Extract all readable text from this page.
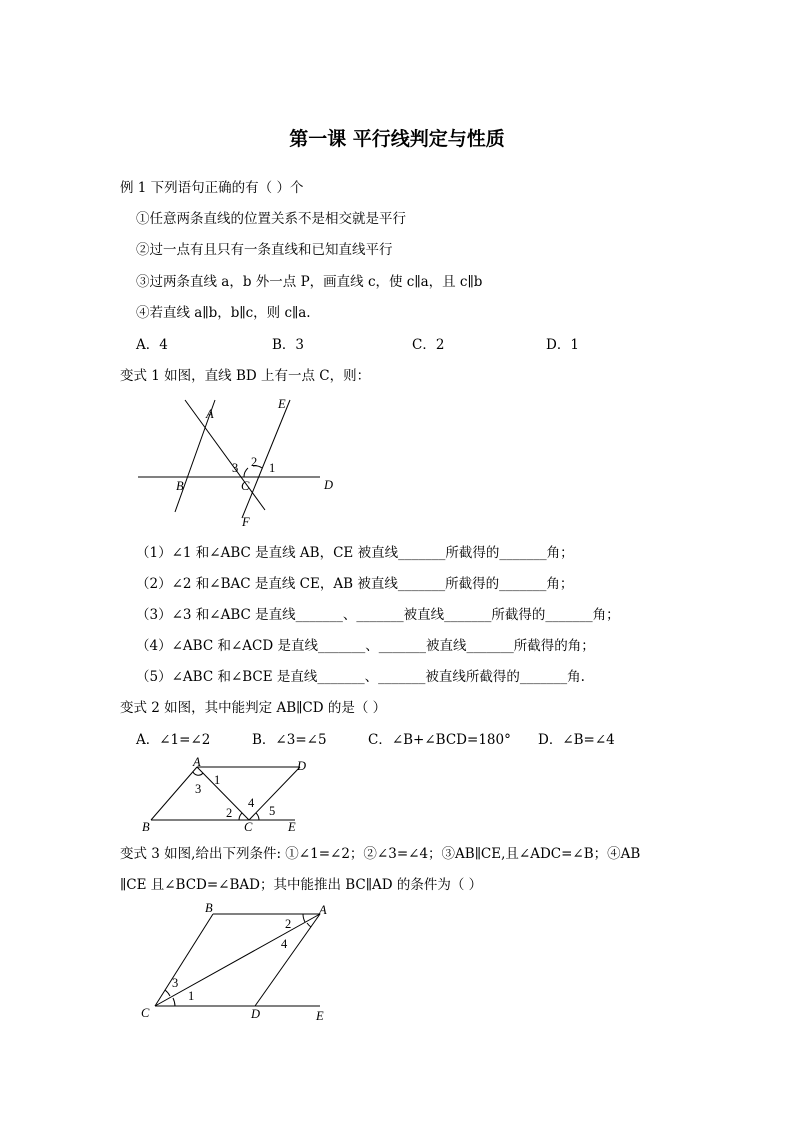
第一课 平行线判定与性质
例 1 下列语句正确的有（ ）个
①任意两条直线的位置关系不是相交就是平行
②过一点有且只有一条直线和已知直线平行
③过两条直线 a，b 外一点 P，画直线 c，使 c∥a，且 c∥b
④若直线 a∥b，b∥c，则 c∥a.
A．4	B．3	C．2	D．1
变式 1 如图，直线 BD 上有一点 C，则：
A
B	C	D
E
F
1
2
3
（1）∠1 和∠ABC 是直线 AB，CE 被直线_______所截得的_______角；
（2）∠2 和∠BAC 是直线 CE，AB 被直线_______所截得的_______角；
（3）∠3 和∠ABC 是直线_______、_______被直线_______所截得的_______角；
（4）∠ABC 和∠ACD 是直线_______、_______被直线_______所截得的角；
（5）∠ABC 和∠BCE 是直线_______、_______被直线所截得的_______角.
变式 2 如图，其中能判定 AB∥CD 的是（ ）
A．∠1=∠2	B．∠3=∠5	C．∠B+∠BCD=180° D．∠B=∠4
A	D
B	C	E
1
3
2
4
5
变式 3 如图,给出下列条件: ①∠1=∠2；②∠3=∠4；③AB∥CE,且∠ADC=∠B；④AB
∥CE 且∠BCD=∠BAD；其中能推出 BC∥AD 的条件为（ ）
B	A
C	D	E
1
3
2
4
